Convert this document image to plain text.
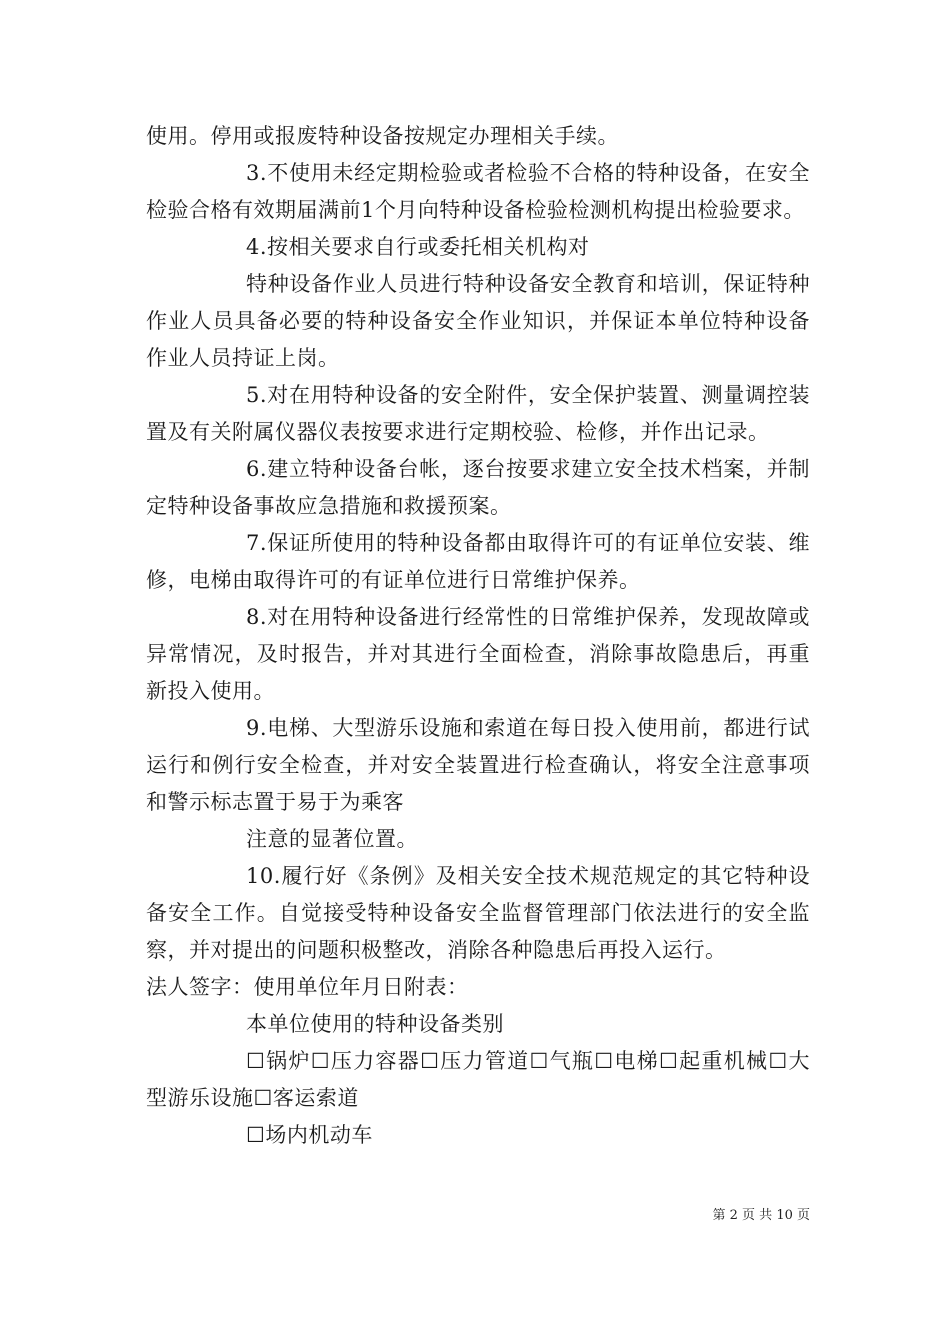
使用。停用或报废特种设备按规定办理相关手续。

3.不使用未经定期检验或者检验不合格的特种设备，在安全检验合格有效期届满前1个月向特种设备检验检测机构提出检验要求。

4.按相关要求自行或委托相关机构对

特种设备作业人员进行特种设备安全教育和培训，保证特种作业人员具备必要的特种设备安全作业知识，并保证本单位特种设备作业人员持证上岗。

5.对在用特种设备的安全附件，安全保护装置、测量调控装置及有关附属仪器仪表按要求进行定期校验、检修，并作出记录。

6.建立特种设备台帐，逐台按要求建立安全技术档案，并制定特种设备事故应急措施和救援预案。

7.保证所使用的特种设备都由取得许可的有证单位安装、维修，电梯由取得许可的有证单位进行日常维护保养。

8.对在用特种设备进行经常性的日常维护保养，发现故障或异常情况，及时报告，并对其进行全面检查，消除事故隐患后，再重新投入使用。

9.电梯、大型游乐设施和索道在每日投入使用前，都进行试运行和例行安全检查，并对安全装置进行检查确认，将安全注意事项和警示标志置于易于为乘客

注意的显著位置。

10.履行好《条例》及相关安全技术规范规定的其它特种设备安全工作。自觉接受特种设备安全监督管理部门依法进行的安全监察，并对提出的问题积极整改，消除各种隐患后再投入运行。

法人签字：使用单位年月日附表：

本单位使用的特种设备类别

☐锅炉☐压力容器☐压力管道☐气瓶☐电梯☐起重机械☐大型游乐设施☐客运索道

☐场内机动车

第 2 页 共 10 页
